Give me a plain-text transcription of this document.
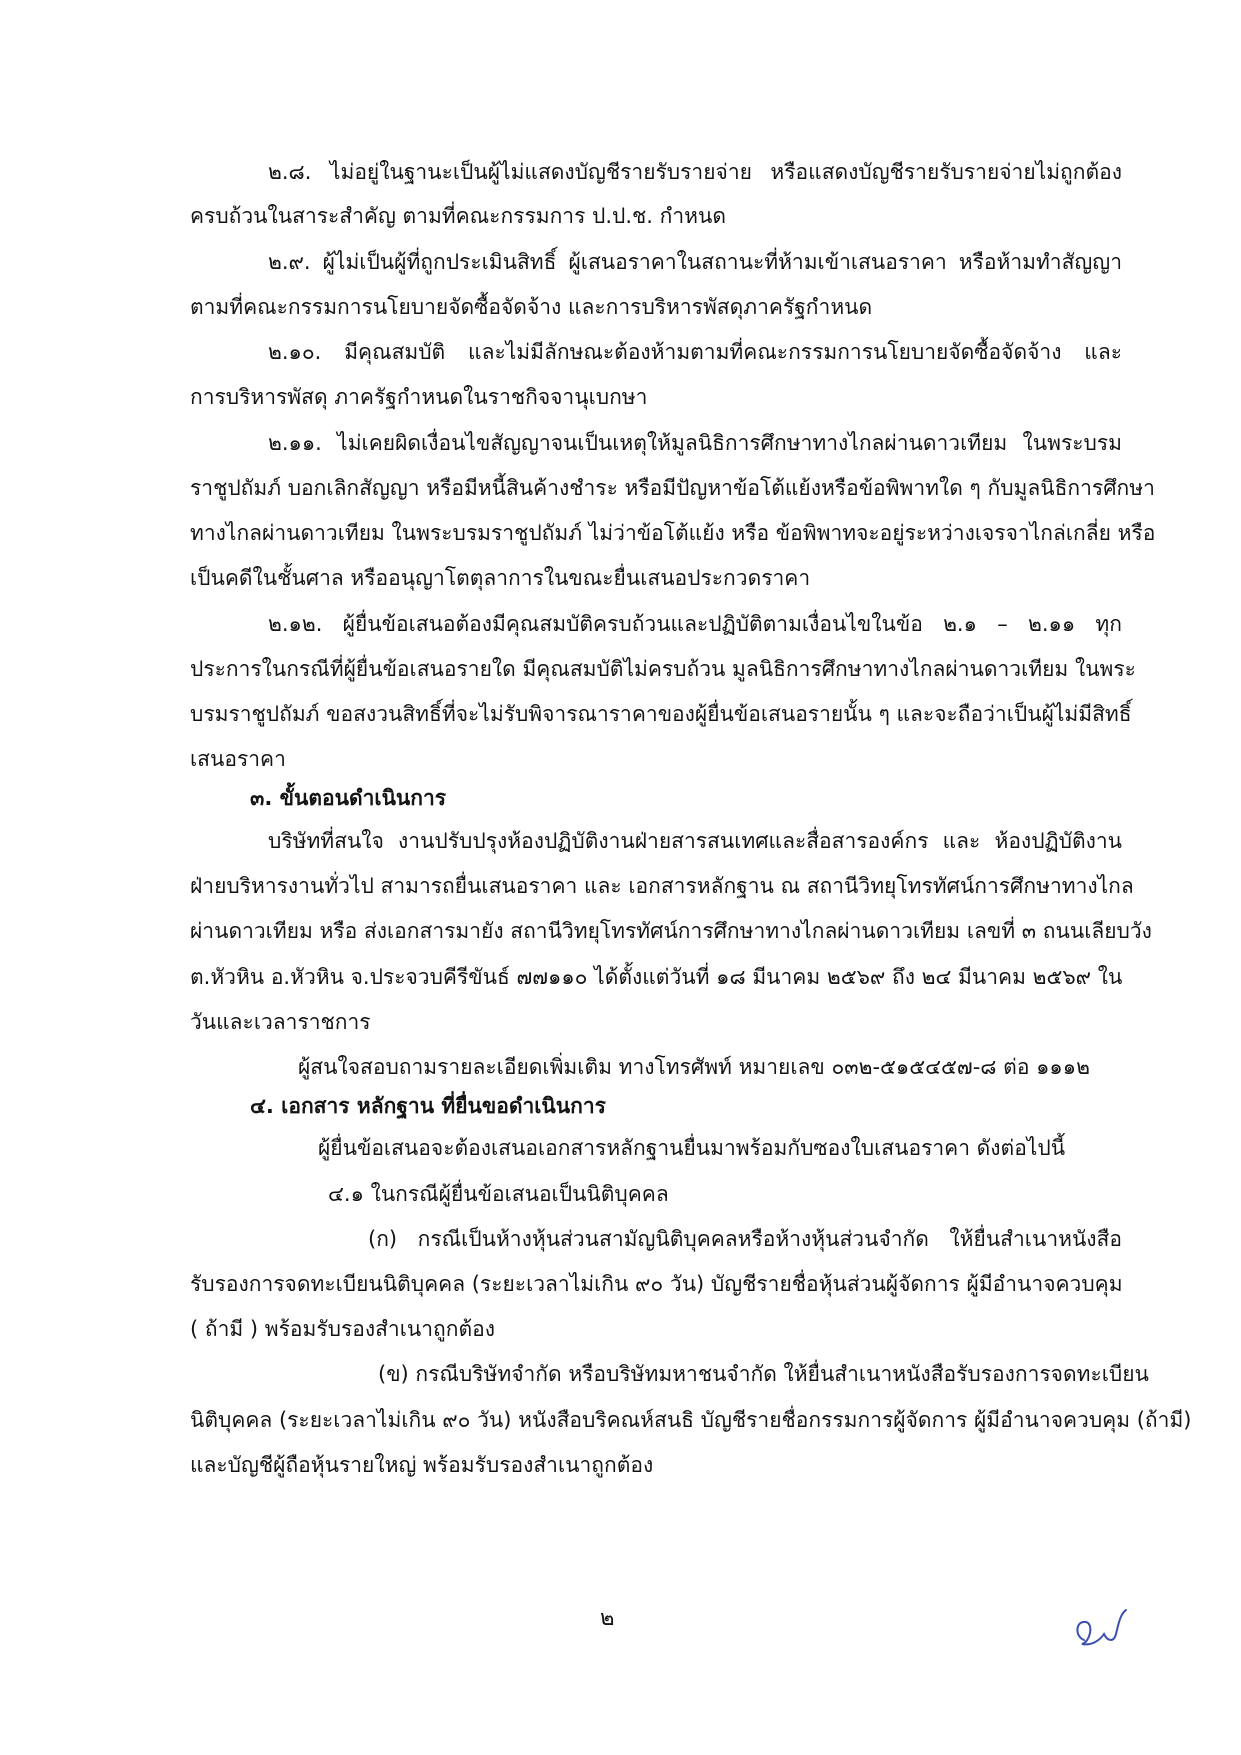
๒.๘. ไม่อยู่ในฐานะเป็นผู้ไม่แสดงบัญชีรายรับรายจ่าย หรือแสดงบัญชีรายรับรายจ่ายไม่ถูกต้อง
ครบถ้วนในสาระสำคัญ ตามที่คณะกรรมการ ป.ป.ช. กำหนด
๒.๙. ผู้ไม่เป็นผู้ที่ถูกประเมินสิทธิ์ ผู้เสนอราคาในสถานะที่ห้ามเข้าเสนอราคา หรือห้ามทำสัญญา
ตามที่คณะกรรมการนโยบายจัดซื้อจัดจ้าง และการบริหารพัสดุภาครัฐกำหนด
๒.๑๐. มีคุณสมบัติ และไม่มีลักษณะต้องห้ามตามที่คณะกรรมการนโยบายจัดซื้อจัดจ้าง และ
การบริหารพัสดุ ภาครัฐกำหนดในราชกิจจานุเบกษา
๒.๑๑. ไม่เคยผิดเงื่อนไขสัญญาจนเป็นเหตุให้มูลนิธิการศึกษาทางไกลผ่านดาวเทียม ในพระบรม
ราชูปถัมภ์ บอกเลิกสัญญา หรือมีหนี้สินค้างชำระ หรือมีปัญหาข้อโต้แย้งหรือข้อพิพาทใด ๆ กับมูลนิธิการศึกษา
ทางไกลผ่านดาวเทียม ในพระบรมราชูปถัมภ์ ไม่ว่าข้อโต้แย้ง หรือ ข้อพิพาทจะอยู่ระหว่างเจรจาไกล่เกลี่ย หรือ
เป็นคดีในชั้นศาล หรืออนุญาโตตุลาการในขณะยื่นเสนอประกวดราคา
๒.๑๒. ผู้ยื่นข้อเสนอต้องมีคุณสมบัติครบถ้วนและปฏิบัติตามเงื่อนไขในข้อ ๒.๑ – ๒.๑๑ ทุก
ประการในกรณีที่ผู้ยื่นข้อเสนอรายใด มีคุณสมบัติไม่ครบถ้วน มูลนิธิการศึกษาทางไกลผ่านดาวเทียม ในพระ
บรมราชูปถัมภ์ ขอสงวนสิทธิ์ที่จะไม่รับพิจารณาราคาของผู้ยื่นข้อเสนอรายนั้น ๆ และจะถือว่าเป็นผู้ไม่มีสิทธิ์
เสนอราคา
๓. ขั้นตอนดำเนินการ
บริษัทที่สนใจ งานปรับปรุงห้องปฏิบัติงานฝ่ายสารสนเทศและสื่อสารองค์กร และ ห้องปฏิบัติงาน
ฝ่ายบริหารงานทั่วไป สามารถยื่นเสนอราคา และ เอกสารหลักฐาน ณ สถานีวิทยุโทรทัศน์การศึกษาทางไกล
ผ่านดาวเทียม หรือ ส่งเอกสารมายัง สถานีวิทยุโทรทัศน์การศึกษาทางไกลผ่านดาวเทียม เลขที่ ๓ ถนนเลียบวัง
ต.หัวหิน อ.หัวหิน จ.ประจวบคีรีขันธ์ ๗๗๑๑๐ ได้ตั้งแต่วันที่ ๑๘ มีนาคม ๒๕๖๙ ถึง ๒๔ มีนาคม ๒๕๖๙ ใน
วันและเวลาราชการ
ผู้สนใจสอบถามรายละเอียดเพิ่มเติม ทางโทรศัพท์ หมายเลข ๐๓๒-๕๑๕๔๕๗-๘ ต่อ ๑๑๑๒
๔. เอกสาร หลักฐาน ที่ยื่นขอดำเนินการ
ผู้ยื่นข้อเสนอจะต้องเสนอเอกสารหลักฐานยื่นมาพร้อมกับซองใบเสนอราคา ดังต่อไปนี้
๔.๑ ในกรณีผู้ยื่นข้อเสนอเป็นนิติบุคคล
(ก) กรณีเป็นห้างหุ้นส่วนสามัญนิติบุคคลหรือห้างหุ้นส่วนจำกัด ให้ยื่นสำเนาหนังสือ
รับรองการจดทะเบียนนิติบุคคล (ระยะเวลาไม่เกิน ๙๐ วัน) บัญชีรายชื่อหุ้นส่วนผู้จัดการ ผู้มีอำนาจควบคุม
( ถ้ามี ) พร้อมรับรองสำเนาถูกต้อง
(ข) กรณีบริษัทจำกัด หรือบริษัทมหาชนจำกัด ให้ยื่นสำเนาหนังสือรับรองการจดทะเบียน
นิติบุคคล (ระยะเวลาไม่เกิน ๙๐ วัน) หนังสือบริคณห์สนธิ บัญชีรายชื่อกรรมการผู้จัดการ ผู้มีอำนาจควบคุม (ถ้ามี)
และบัญชีผู้ถือหุ้นรายใหญ่ พร้อมรับรองสำเนาถูกต้อง
๒
